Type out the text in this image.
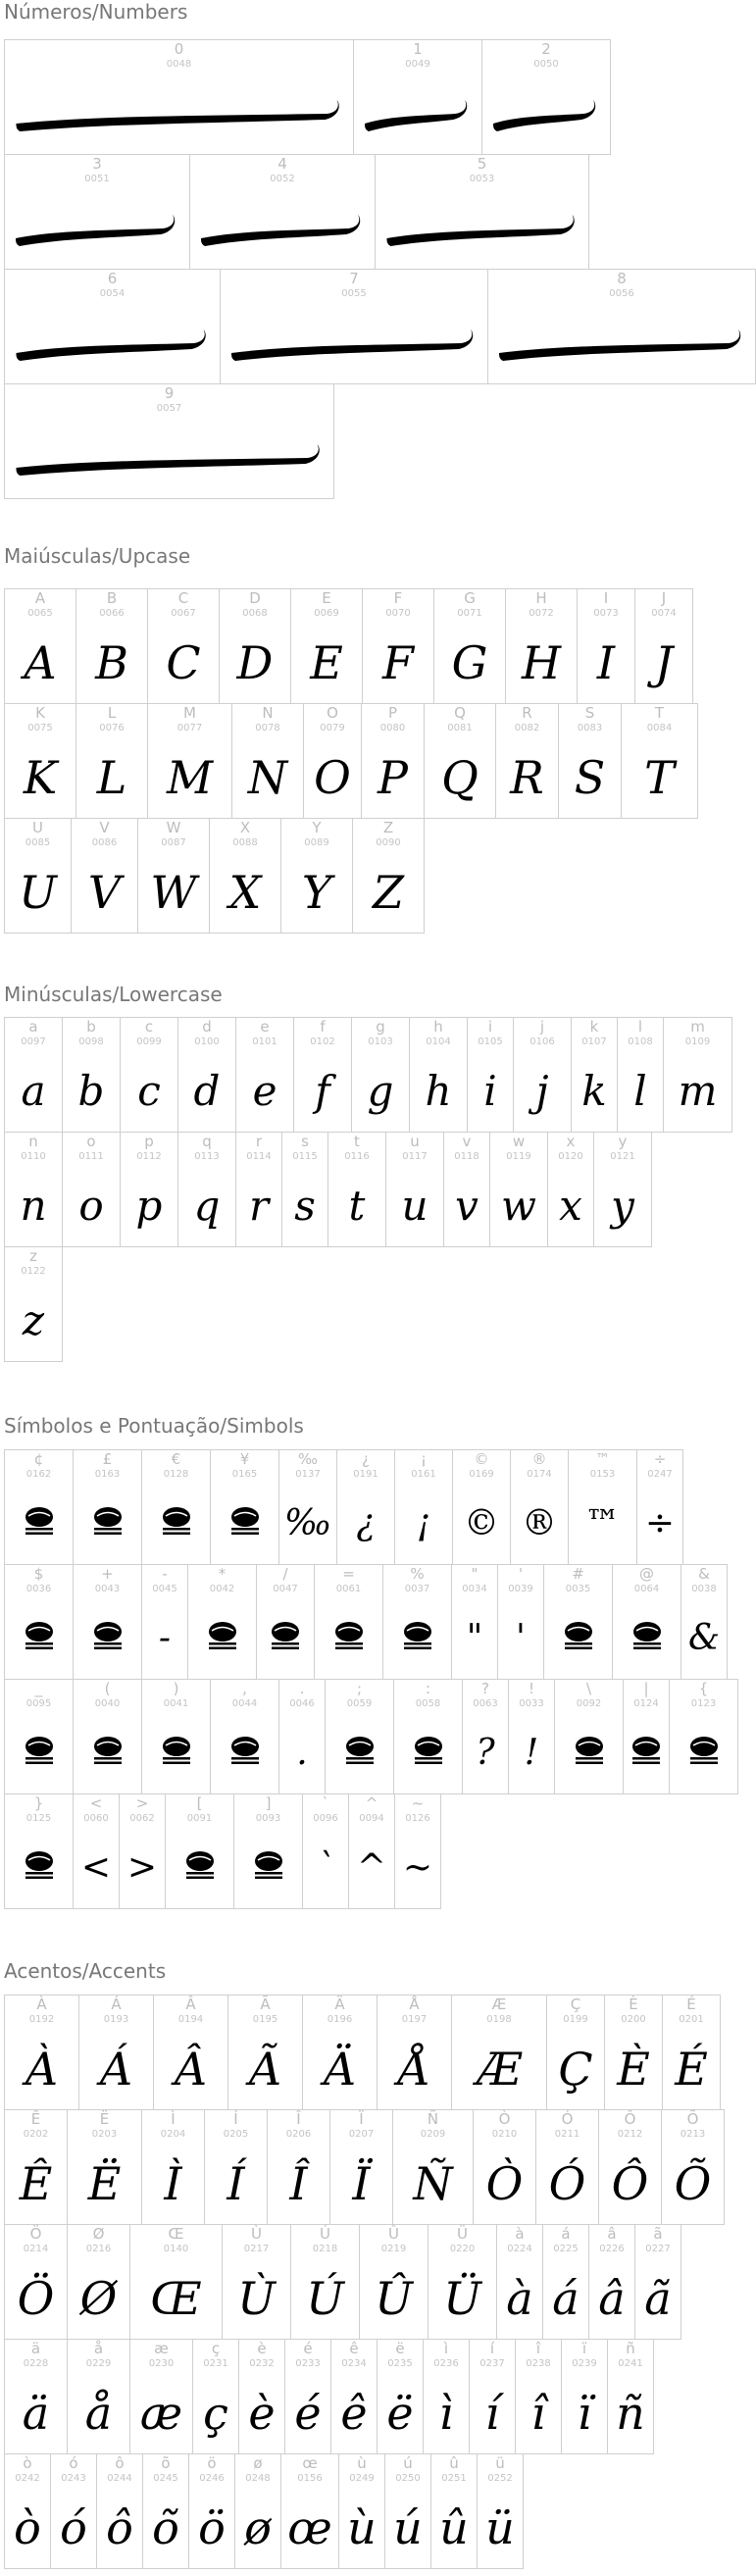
Números/Numbers
0
0048
1
0049
2
0050
3
0051
4
0052
5
0053
6
0054
7
0055
8
0056
9
0057
Maiúsculas/Upcase
A
0065
A
B
0066
B
C
0067
C
D
0068
D
E
0069
E
F
0070
F
G
0071
G
H
0072
H
I
0073
I
J
0074
J
K
0075
K
L
0076
L
M
0077
M
N
0078
N
O
0079
O
P
0080
P
Q
0081
Q
R
0082
R
S
0083
S
T
0084
T
U
0085
U
V
0086
V
W
0087
W
X
0088
X
Y
0089
Y
Z
0090
Z
Minúsculas/Lowercase
a
0097
a
b
0098
b
c
0099
c
d
0100
d
e
0101
e
f
0102
f
g
0103
g
h
0104
h
i
0105
i
j
0106
j
k
0107
k
l
0108
l
m
0109
m
n
0110
n
o
0111
o
p
0112
p
q
0113
q
r
0114
r
s
0115
s
t
0116
t
u
0117
u
v
0118
v
w
0119
w
x
0120
x
y
0121
y
z
0122
z
Símbolos e Pontuação/Simbols
¢
0162
£
0163
€
0128
¥
0165
‰
0137
‰
¿
0191
¿
¡
0161
¡
©
0169
©
®
0174
®
™
0153
™
÷
0247
÷
$
0036
+
0043
-
0045
-
*
0042
/
0047
=
0061
%
0037
"
0034
"
'
0039
'
#
0035
@
0064
&
0038
&
_
0095
(
0040
)
0041
,
0044
.
0046
.
;
0059
:
0058
?
0063
?
!
0033
!
\
0092
|
0124
{
0123
}
0125
<
0060
<
>
0062
>
[
0091
]
0093
`
0096
`
^
0094
^
~
0126
~
Acentos/Accents
À
0192
À
Á
0193
Á
Â
0194
Â
Ã
0195
Ã
Ä
0196
Ä
Å
0197
Å
Æ
0198
Æ
Ç
0199
Ç
È
0200
È
É
0201
É
Ê
0202
Ê
Ë
0203
Ë
Ì
0204
Ì
Í
0205
Í
Î
0206
Î
Ï
0207
Ï
Ñ
0209
Ñ
Ò
0210
Ò
Ó
0211
Ó
Ô
0212
Ô
Õ
0213
Õ
Ö
0214
Ö
Ø
0216
Ø
Œ
0140
Œ
Ù
0217
Ù
Ú
0218
Ú
Û
0219
Û
Ü
0220
Ü
à
0224
à
á
0225
á
â
0226
â
ã
0227
ã
ä
0228
ä
å
0229
å
æ
0230
æ
ç
0231
ç
è
0232
è
é
0233
é
ê
0234
ê
ë
0235
ë
ì
0236
ì
í
0237
í
î
0238
î
ï
0239
ï
ñ
0241
ñ
ò
0242
ò
ó
0243
ó
ô
0244
ô
õ
0245
õ
ö
0246
ö
ø
0248
ø
œ
0156
œ
ù
0249
ù
ú
0250
ú
û
0251
û
ü
0252
ü
